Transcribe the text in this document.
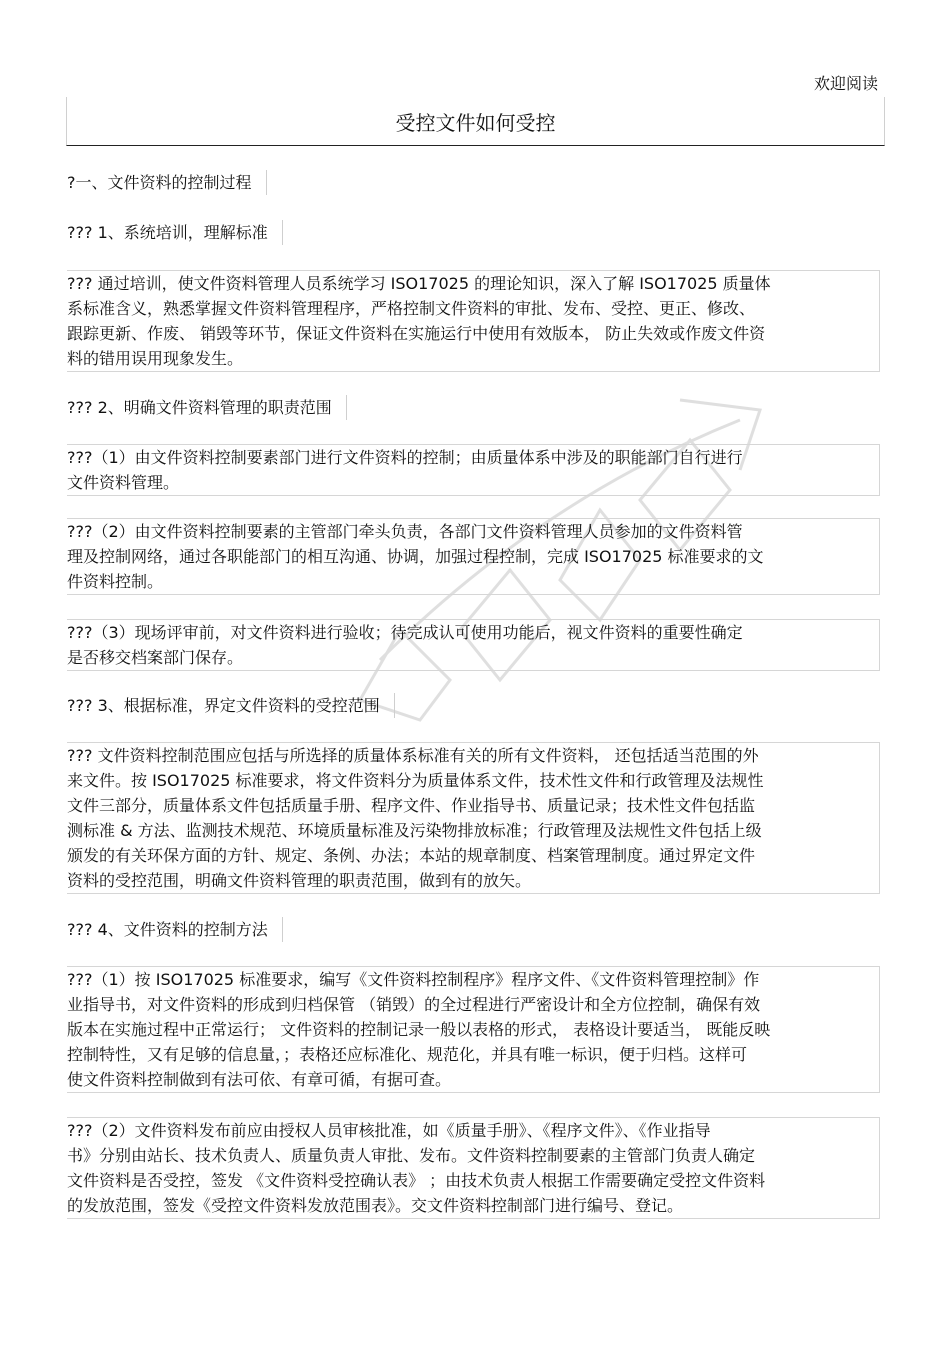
欢迎阅读
受控文件如何受控
?一、文件资料的控制过程
??? 1、系统培训，理解标准
??? 通过培训，使文件资料管理人员系统学习 ISO17025 的理论知识，深入了解 ISO17025 质量体
系标准含义，熟悉掌握文件资料管理程序，严格控制文件资料的审批、发布、受控、更正、修改、
跟踪更新、作废、 销毁等环节，保证文件资料在实施运行中使用有效版本， 防止失效或作废文件资
料的错用误用现象发生。
??? 2、明确文件资料管理的职责范围
???（1）由文件资料控制要素部门进行文件资料的控制；由质量体系中涉及的职能部门自行进行
文件资料管理。
???（2）由文件资料控制要素的主管部门牵头负责，各部门文件资料管理人员参加的文件资料管
理及控制网络，通过各职能部门的相互沟通、协调，加强过程控制，完成 ISO17025 标准要求的文
件资料控制。
???（3）现场评审前，对文件资料进行验收；待完成认可使用功能后，视文件资料的重要性确定
是否移交档案部门保存。
??? 3、根据标准，界定文件资料的受控范围
??? 文件资料控制范围应包括与所选择的质量体系标准有关的所有文件资料， 还包括适当范围的外
来文件。按 ISO17025 标准要求，将文件资料分为质量体系文件，技术性文件和行政管理及法规性
文件三部分，质量体系文件包括质量手册、程序文件、作业指导书、质量记录；技术性文件包括监
测标准 & 方法、监测技术规范、环境质量标准及污染物排放标准；行政管理及法规性文件包括上级
颁发的有关环保方面的方针、规定、条例、办法；本站的规章制度、档案管理制度。通过界定文件
资料的受控范围，明确文件资料管理的职责范围，做到有的放矢。
??? 4、文件资料的控制方法
???（1）按 ISO17025 标准要求，编写《文件资料控制程序》程序文件、《文件资料管理控制》作
业指导书，对文件资料的形成到归档保管 （销毁）的全过程进行严密设计和全方位控制，确保有效
版本在实施过程中正常运行； 文件资料的控制记录一般以表格的形式， 表格设计要适当， 既能反映
控制特性，又有足够的信息量，；表格还应标准化、规范化，并具有唯一标识，便于归档。这样可
使文件资料控制做到有法可依、有章可循，有据可查。
???（2）文件资料发布前应由授权人员审核批准，如《质量手册》、《程序文件》、《作业指导
书》分别由站长、技术负责人、质量负责人审批、发布。文件资料控制要素的主管部门负责人确定
文件资料是否受控，签发 《文件资料受控确认表》 ；由技术负责人根据工作需要确定受控文件资料
的发放范围，签发《受控文件资料发放范围表》。交文件资料控制部门进行编号、登记。
